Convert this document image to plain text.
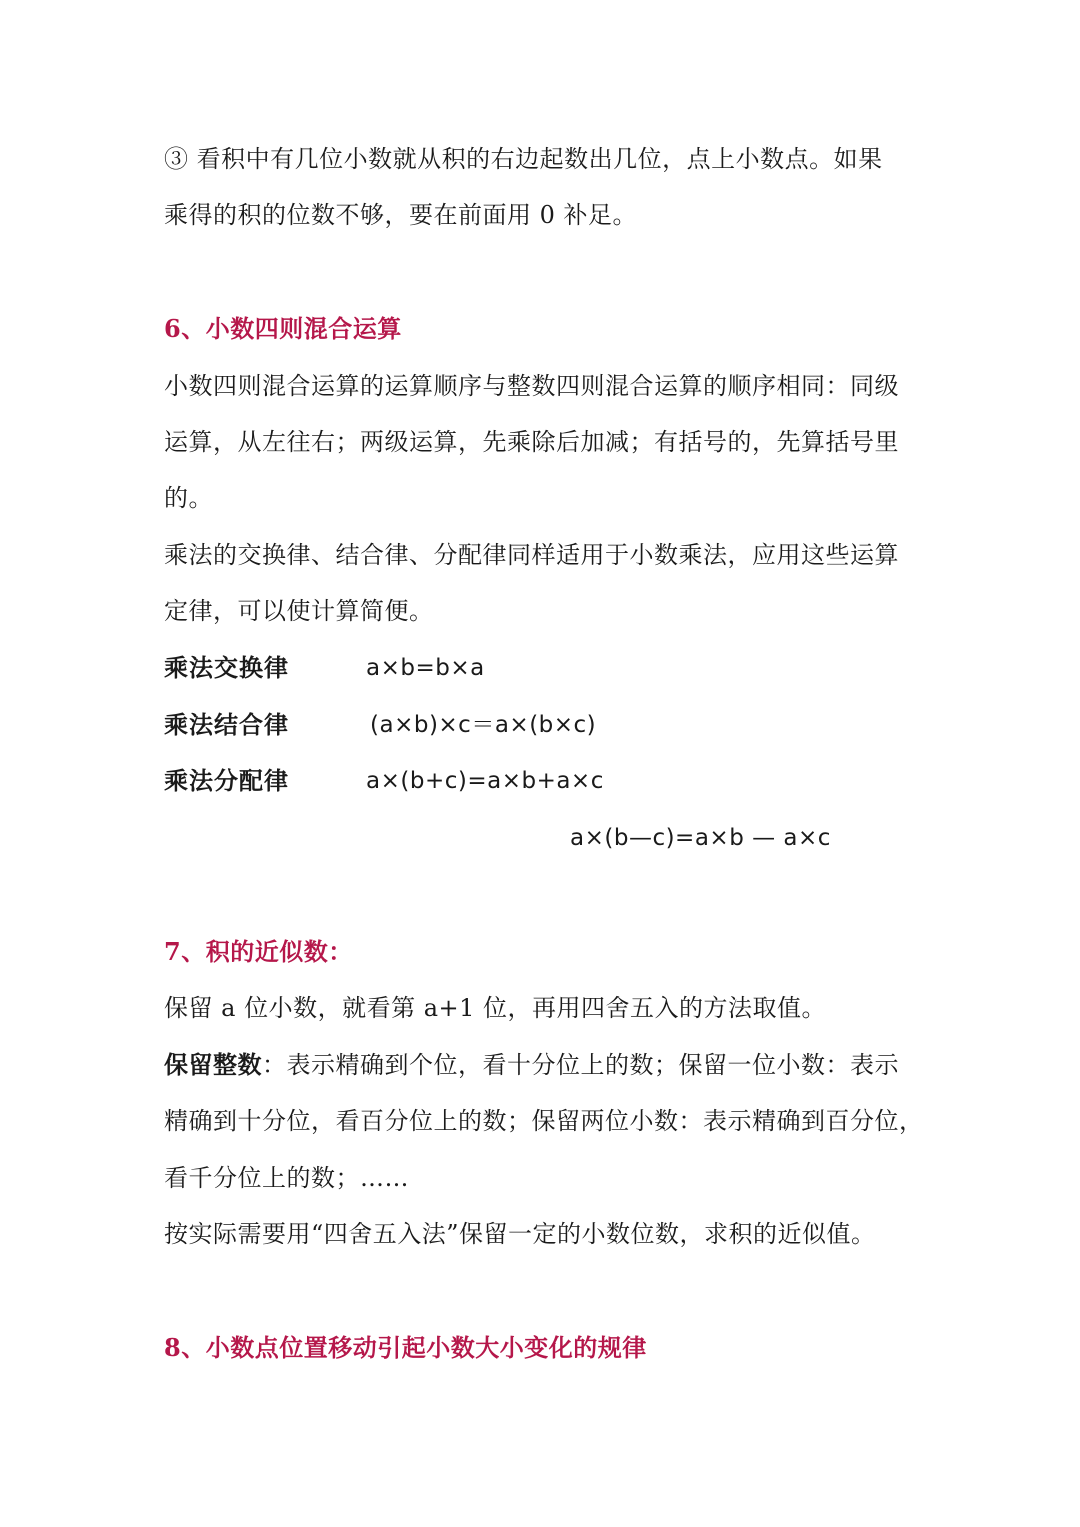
③ 看积中有几位小数就从积的右边起数出几位，点上小数点。如果
乘得的积的位数不够，要在前面用 0 补足。
6、小数四则混合运算
小数四则混合运算的运算顺序与整数四则混合运算的顺序相同：同级
运算，从左往右；两级运算，先乘除后加减；有括号的，先算括号里
的。
乘法的交换律、结合律、分配律同样适用于小数乘法，应用这些运算
定律，可以使计算简便。
乘法交换律	a×b=b×a
乘法结合律	(a×b)×c＝a×(b×c)
乘法分配律	a×(b+c)=a×b+a×c
a×(b—c)=a×b — a×c
7、积的近似数：
保留 a 位小数，就看第 a+1 位，再用四舍五入的方法取值。
保留整数：表示精确到个位，看十分位上的数；保留一位小数：表示
精确到十分位，看百分位上的数；保留两位小数：表示精确到百分位，
看千分位上的数；……
按实际需要用“四舍五入法”保留一定的小数位数，求积的近似值。
8、小数点位置移动引起小数大小变化的规律
